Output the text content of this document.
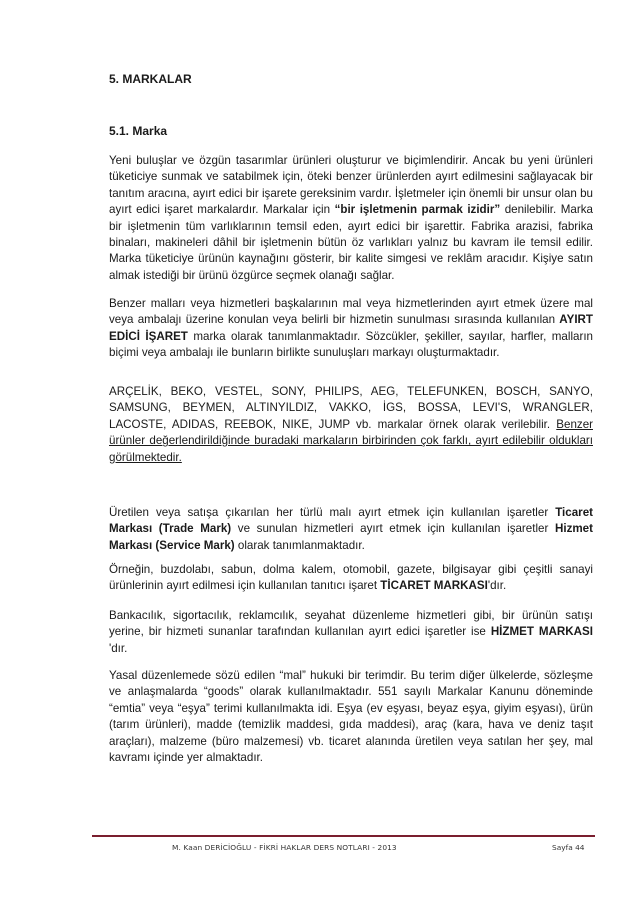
5. MARKALAR
5.1. Marka
Yeni buluşlar ve özgün tasarımlar ürünleri oluşturur ve biçimlendirir. Ancak bu yeni ürünleri tüketiciye sunmak ve satabilmek için, öteki benzer ürünlerden ayırt edilmesini sağlayacak bir tanıtım aracına, ayırt edici bir işarete gereksinim vardır. İşletmeler için önemli bir unsur olan bu ayırt edici işaret markalardır. Markalar için “bir işletmenin parmak izidir” denilebilir. Marka bir işletmenin tüm varlıklarının temsil eden, ayırt edici bir işarettir. Fabrika arazisi, fabrika binaları, makineleri dâhil bir işletmenin bütün öz varlıkları yalnız bu kavram ile temsil edilir. Marka tüketiciye ürünün kaynağını gösterir, bir kalite simgesi ve reklâm aracıdır. Kişiye satın almak istediği bir ürünü özgürce seçmek olanağı sağlar.
Benzer malları veya hizmetleri başkalarının mal veya hizmetlerinden ayırt etmek üzere mal veya ambalajı üzerine konulan veya belirli bir hizmetin sunulması sırasında kullanılan AYIRT EDİCİ İŞARET marka olarak tanımlanmaktadır. Sözcükler, şekiller, sayılar, harfler, malların biçimi veya ambalajı ile bunların birlikte sunuluşları markayı oluşturmaktadır.
ARÇELİK, BEKO, VESTEL, SONY, PHILIPS, AEG, TELEFUNKEN, BOSCH, SANYO, SAMSUNG, BEYMEN, ALTINYILDIZ, VAKKO, İGS, BOSSA, LEVI'S, WRANGLER, LACOSTE, ADIDAS, REEBOK, NIKE, JUMP vb. markalar örnek olarak verilebilir. Benzer ürünler değerlendirildiğinde buradaki markaların birbirinden çok farklı, ayırt edilebilir oldukları görülmektedir.
Üretilen veya satışa çıkarılan her türlü malı ayırt etmek için kullanılan işaretler Ticaret Markası (Trade Mark) ve sunulan hizmetleri ayırt etmek için kullanılan işaretler Hizmet Markası (Service Mark) olarak tanımlanmaktadır.
Örneğin, buzdolabı, sabun, dolma kalem, otomobil, gazete, bilgisayar gibi çeşitli sanayi ürünlerinin ayırt edilmesi için kullanılan tanıtıcı işaret TİCARET MARKASI'dır.
Bankacılık, sigortacılık, reklamcılık, seyahat düzenleme hizmetleri gibi, bir ürünün satışı yerine, bir hizmeti sunanlar tarafından kullanılan ayırt edici işaretler ise HİZMET MARKASI 'dır.
Yasal düzenlemede sözü edilen “mal” hukuki bir terimdir. Bu terim diğer ülkelerde, sözleşme ve anlaşmalarda “goods” olarak kullanılmaktadır. 551 sayılı Markalar Kanunu döneminde “emtia” veya “eşya” terimi kullanılmakta idi. Eşya (ev eşyası, beyaz eşya, giyim eşyası), ürün (tarım ürünleri), madde (temizlik maddesi, gıda maddesi), araç (kara, hava ve deniz taşıt araçları), malzeme (büro malzemesi) vb. ticaret alanında üretilen veya satılan her şey, mal kavramı içinde yer almaktadır.
M. Kaan DERİCİOĞLU - FİKRİ HAKLAR DERS NOTLARI - 2013	Sayfa 44
